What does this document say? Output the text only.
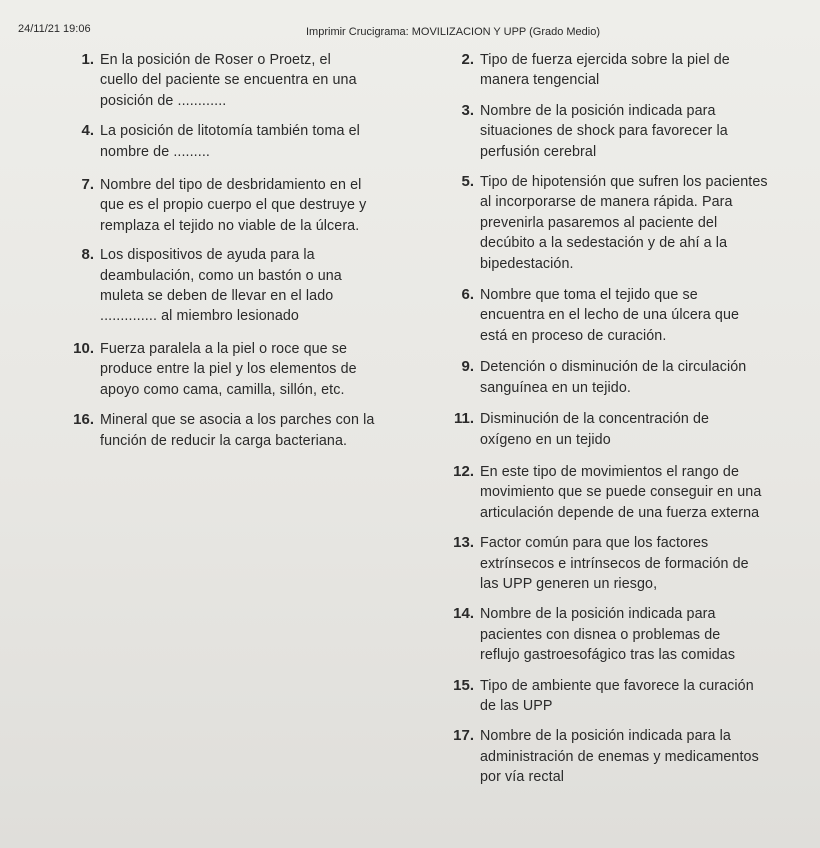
24/11/21 19:06	Imprimir Crucigrama: MOVILIZACION Y UPP (Grado Medio)
1. En la posición de Roser o Proetz, el cuello del paciente se encuentra en una posición de ............
4. La posición de litotomía también toma el nombre de .........
7. Nombre del tipo de desbridamiento en el que es el propio cuerpo el que destruye y remplaza el tejido no viable de la úlcera.
8. Los dispositivos de ayuda para la deambulación, como un bastón o una muleta se deben de llevar en el lado .............. al miembro lesionado
10. Fuerza paralela a la piel o roce que se produce entre la piel y los elementos de apoyo como cama, camilla, sillón, etc.
16. Mineral que se asocia a los parches con la función de reducir la carga bacteriana.
2. Tipo de fuerza ejercida sobre la piel de manera tengencial
3. Nombre de la posición indicada para situaciones de shock para favorecer la perfusión cerebral
5. Tipo de hipotensión que sufren los pacientes al incorporarse de manera rápida. Para prevenirla pasaremos al paciente del decúbito a la sedestación y de ahí a la bipedestación.
6. Nombre que toma el tejido que se encuentra en el lecho de una úlcera que está en proceso de curación.
9. Detención o disminución de la circulación sanguínea en un tejido.
11. Disminución de la concentración de oxígeno en un tejido
12. En este tipo de movimientos el rango de movimiento que se puede conseguir en una articulación depende de una fuerza externa
13. Factor común para que los factores extrínsecos e intrínsecos de formación de las UPP generen un riesgo,
14. Nombre de la posición indicada para pacientes con disnea o problemas de reflujo gastroesofágico tras las comidas
15. Tipo de ambiente que favorece la curación de las UPP
17. Nombre de la posición indicada para la administración de enemas y medicamentos por vía rectal
